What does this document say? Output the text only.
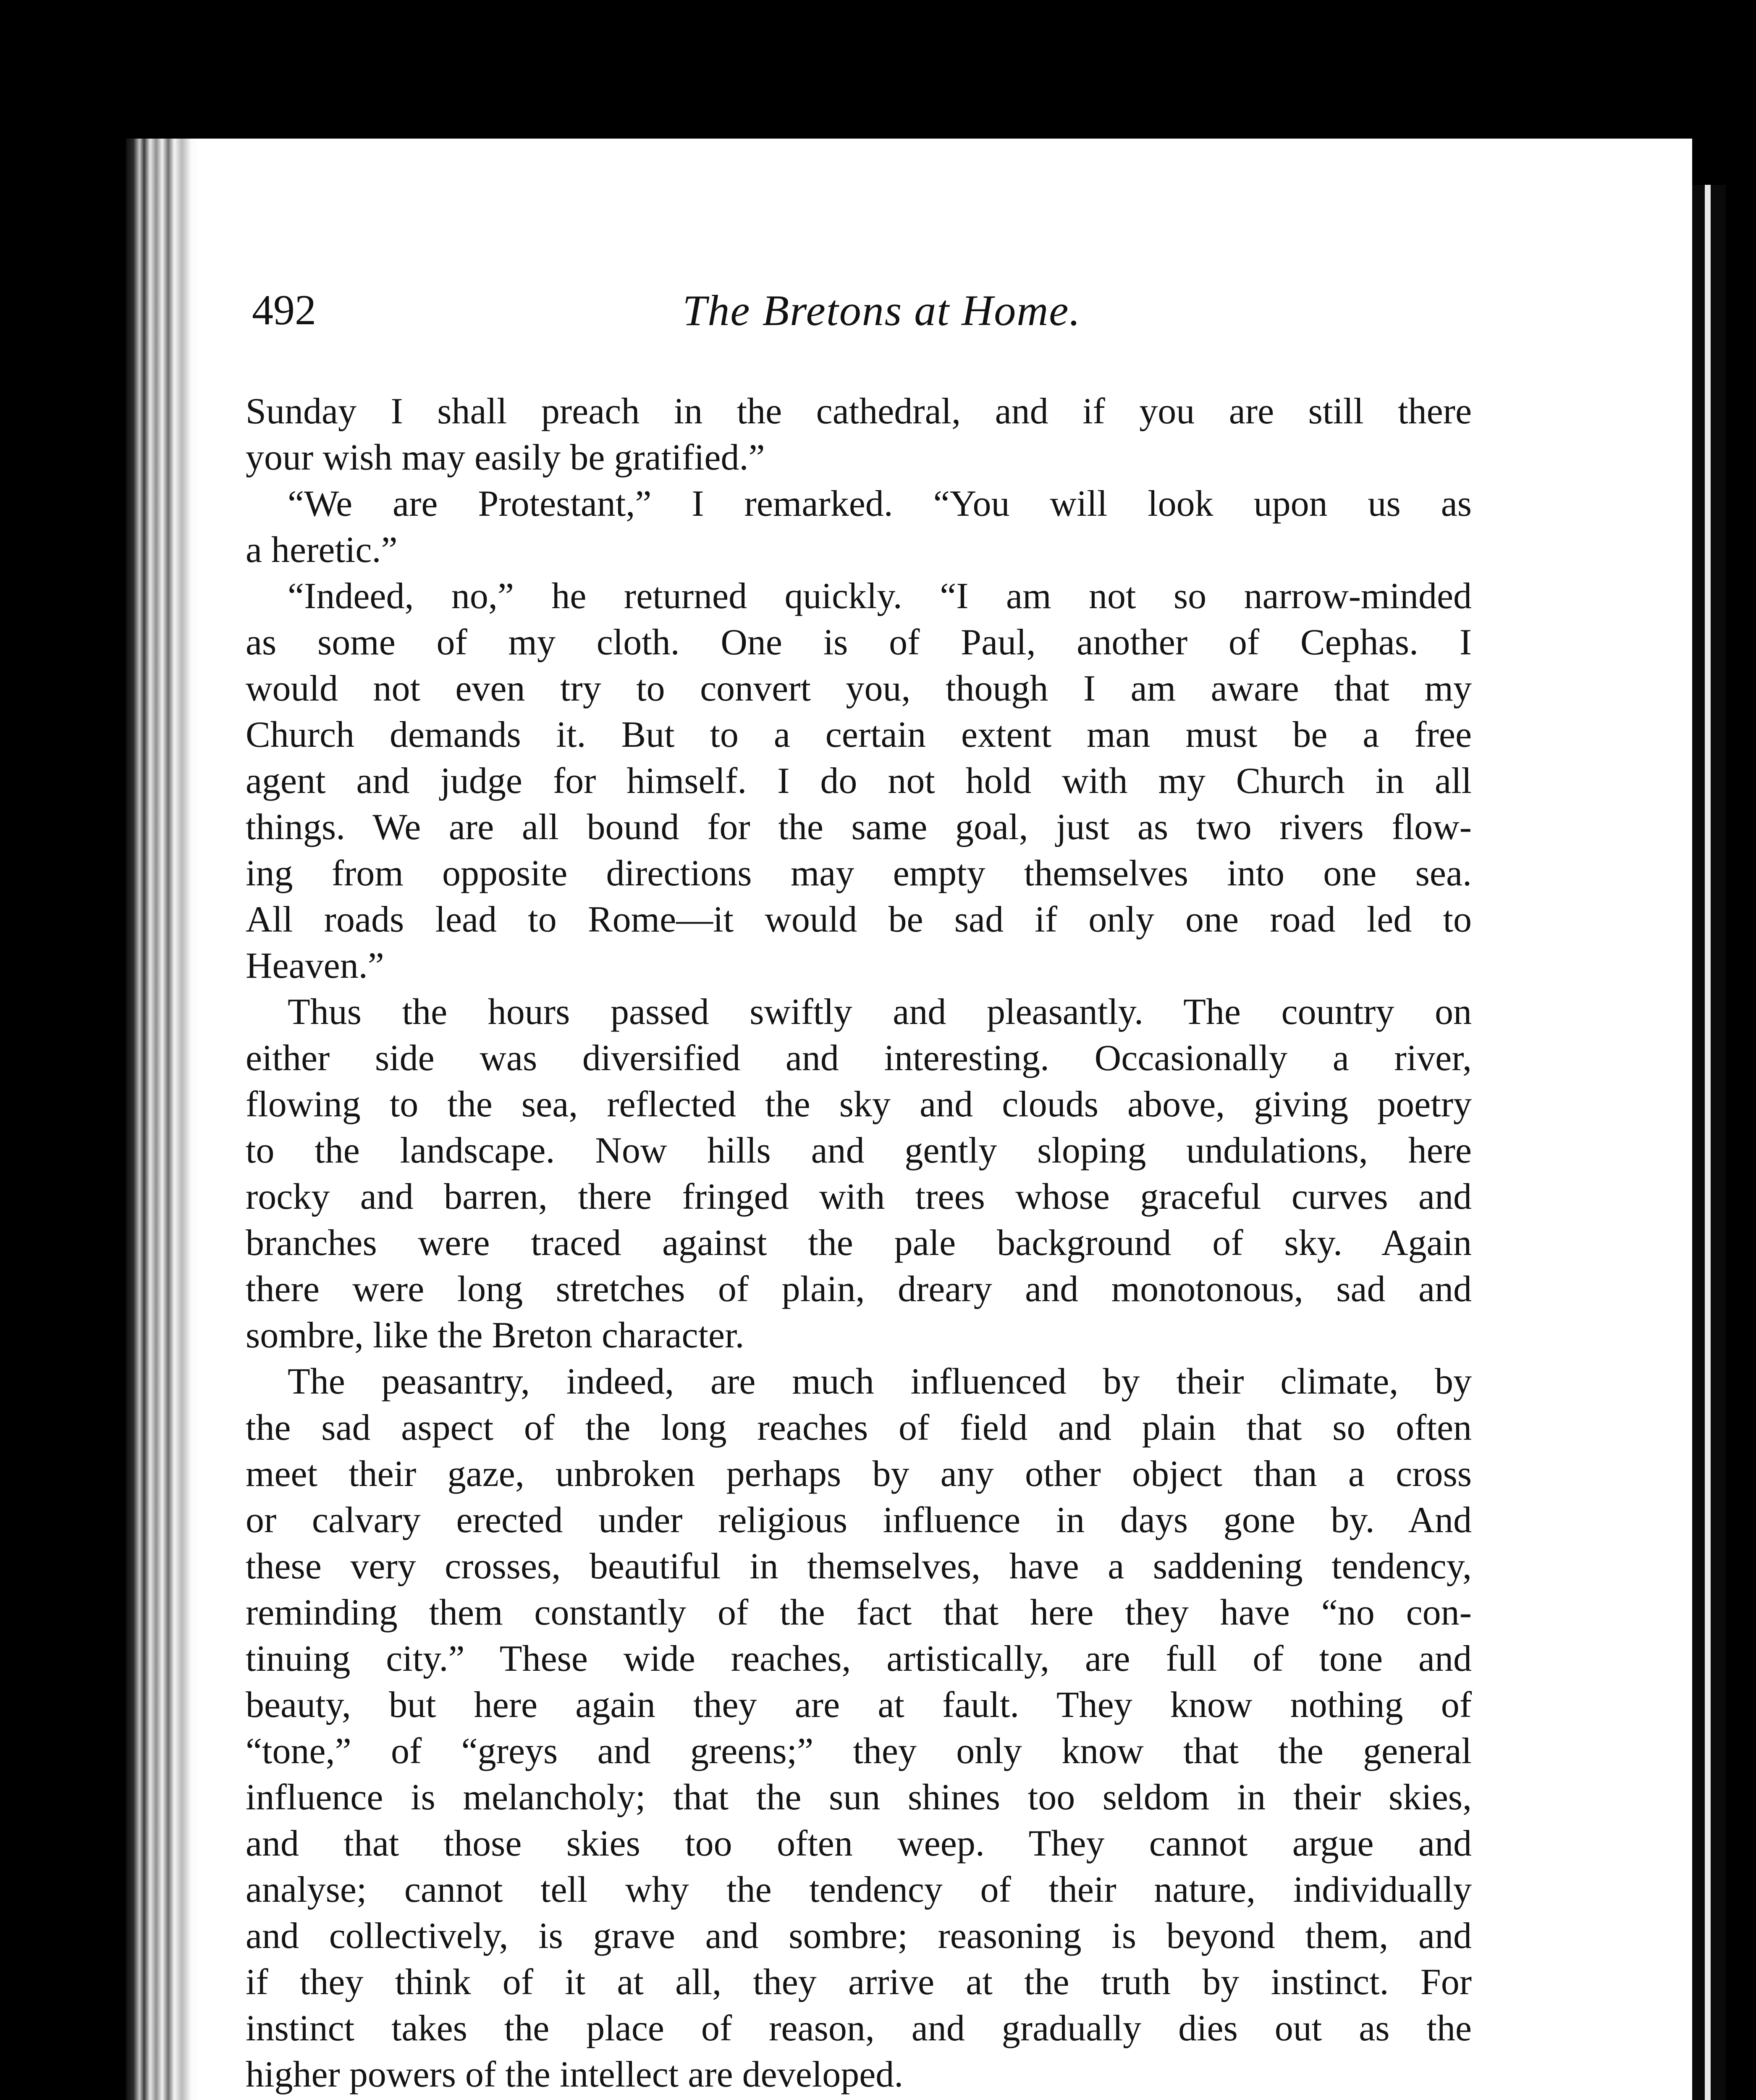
492	The Bretons at Home.
Sunday I shall preach in the cathedral, and if you are still there
your wish may easily be gratified.”
“We are Protestant,” I remarked. “You will look upon us as
a heretic.”
“Indeed, no,” he returned quickly. “I am not so narrow-minded
as some of my cloth. One is of Paul, another of Cephas. I
would not even try to convert you, though I am aware that my
Church demands it. But to a certain extent man must be a free
agent and judge for himself. I do not hold with my Church in all
things. We are all bound for the same goal, just as two rivers flow-
ing from opposite directions may empty themselves into one sea.
All roads lead to Rome—it would be sad if only one road led to
Heaven.”
Thus the hours passed swiftly and pleasantly. The country on
either side was diversified and interesting. Occasionally a river,
flowing to the sea, reflected the sky and clouds above, giving poetry
to the landscape. Now hills and gently sloping undulations, here
rocky and barren, there fringed with trees whose graceful curves and
branches were traced against the pale background of sky. Again
there were long stretches of plain, dreary and monotonous, sad and
sombre, like the Breton character.
The peasantry, indeed, are much influenced by their climate, by
the sad aspect of the long reaches of field and plain that so often
meet their gaze, unbroken perhaps by any other object than a cross
or calvary erected under religious influence in days gone by. And
these very crosses, beautiful in themselves, have a saddening tendency,
reminding them constantly of the fact that here they have “no con-
tinuing city.” These wide reaches, artistically, are full of tone and
beauty, but here again they are at fault. They know nothing of
“tone,” of “greys and greens;” they only know that the general
influence is melancholy; that the sun shines too seldom in their skies,
and that those skies too often weep. They cannot argue and
analyse; cannot tell why the tendency of their nature, individually
and collectively, is grave and sombre; reasoning is beyond them, and
if they think of it at all, they arrive at the truth by instinct. For
instinct takes the place of reason, and gradually dies out as the
higher powers of the intellect are developed.
